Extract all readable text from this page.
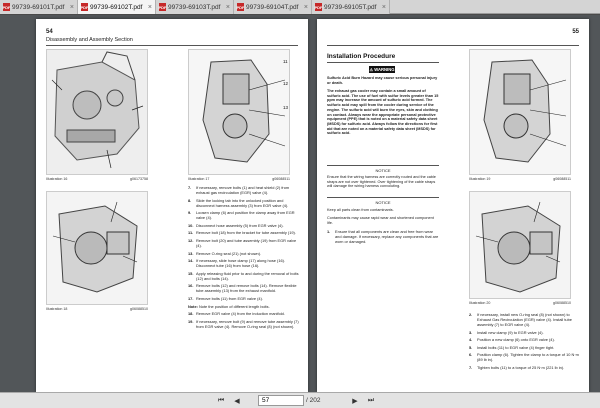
PDF 99739-69101T.pdf × PDF 99739-69102T.pdf × PDF 99739-69103T.pdf × PDF 99739-69104T.pdf × PDF 99739-69105T.pdf ×
54
Disassembly and Assembly Section
Illustration 16	g06173758
11
12
13
Illustration 17	g06088511
Illustration 18	g06088510
7. If necessary, remove bolts (1) and heat shield (2) from exhaust gas recirculation (EGR) valve (4).
8. Slide the locking tab into the unlocked position and disconnect harness assembly (3) from EGR valve (4).
9. Loosen clamp (6) and position the clamp away from EGR valve (4).
10. Disconnect hose assembly (5) from EGR valve (4).
11. Remove bolt (18) from the bracket for tube assembly (19).
12. Remove bolt (20) and tube assembly (19) from EGR valve (4).
13. Remove O-ring seal (21) (not shown).
14. If necessary, slide hose clamp (17) along hose (16). Disconnect tube (16) from hose (16).
15. Apply releasing fluid prior to and during the removal of bolts (12) and bolts (14).
16. Remove bolts (12) and remove bolts (14). Remove flexible tube assembly (13) from the exhaust manifold.
17. Remove bolts (11) from EGR valve (4).
Note: Note the position of different length bolts.
18. Remove EGR valve (4) from the induction manifold.
19. If necessary, remove bolt (9) and remove tube assembly (7) from EGR valve (4). Remove O-ring seal (8) (not shown).
55
Installation Procedure
⚠ WARNING
Sulfuric Acid Burn Hazard may cause serious personal injury or death.
The exhaust gas cooler may contain a small amount of sulfuric acid. The use of fuel with sulfur levels greater than 15 ppm may increase the amount of sulfuric acid formed. The sulfuric acid may spill from the cooler during service of the engine. The sulfuric acid will burn the eyes, skin and clothing on contact. Always wear the appropriate personal protective equipment (PPE) that is noted on a material safety data sheet (MSDS) for sulfuric acid. Always follow the directions for first aid that are noted on a material safety data sheet (MSDS) for sulfuric acid.
NOTICE
Ensure that the wiring harness are correctly routed and the cable straps are not over tightened. Over tightening of the cable straps will damage the wiring harness convoluting.
NOTICE
Keep all parts clean from contaminants.
Contaminants may cause rapid wear and shortened component life.
1. Ensure that all components are clean and free from wear and damage. If necessary, replace any components that are worn or damaged.
Illustration 19	g06088511
Illustration 20	g06088510
2. If necessary, install new O-ring seal (8) (not shown) to Exhaust Gas Recirculation (EGR) valve (4). Install tube assembly (7) to EGR valve (4).
3. Install new clamp (9) to EGR valve (4).
4. Position a new clamp (6) onto EGR valve (4).
5. Install bolts (11) to EGR valve (4) finger tight.
6. Position clamp (6). Tighten the clamp to a torque of 10 N·m (89 lb in).
7. Tighten bolts (11) to a torque of 25 N·m (221 lb in).
⏮	◀	57	/ 202	▶	⏭
